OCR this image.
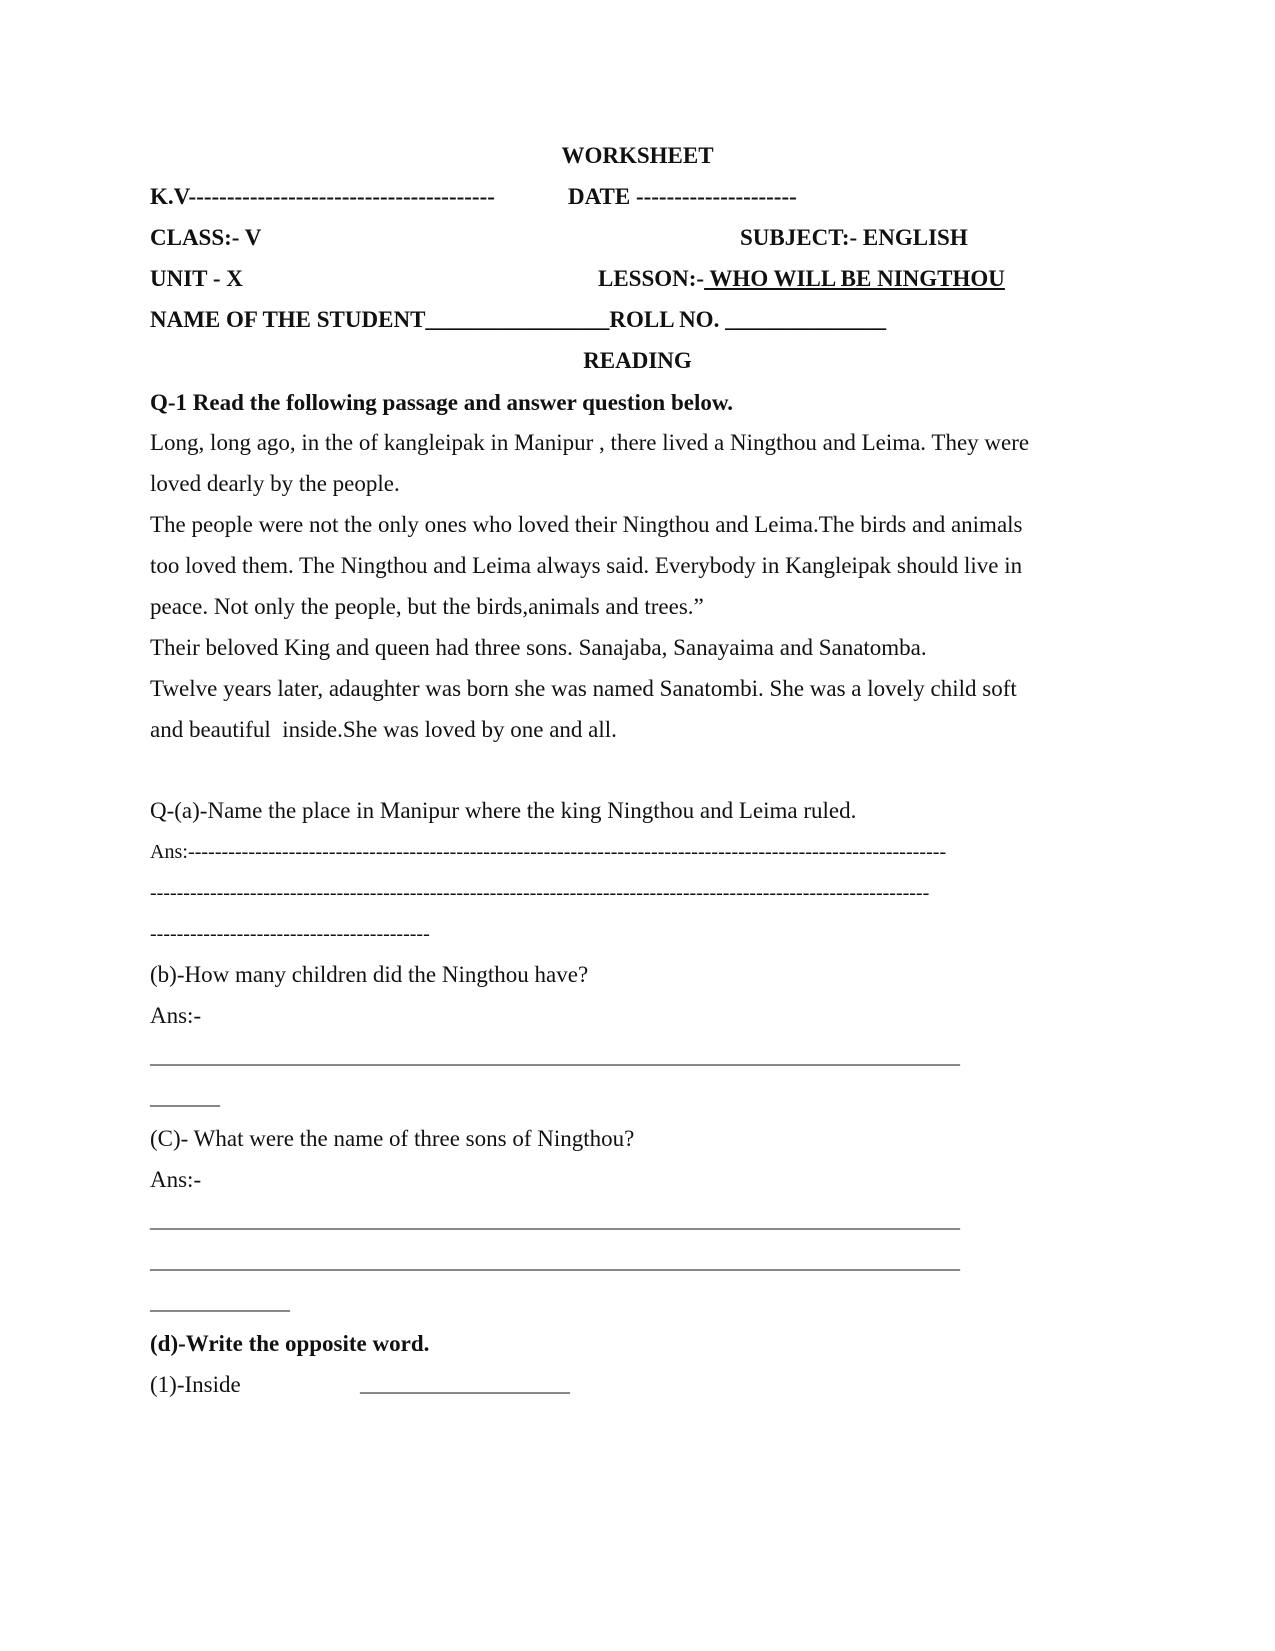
WORKSHEET
K.V----------------------------------------	DATE ---------------------
CLASS:- V	SUBJECT:- ENGLISH
UNIT - X	LESSON:- WHO WILL BE NINGTHOU
NAME OF THE STUDENT________________ROLL NO. ______________
READING
Q-1 Read the following passage and answer question below.
Long, long ago, in the of kangleipak in Manipur , there lived a Ningthou and Leima. They were
loved dearly by the people.
The people were not the only ones who loved their Ningthou and Leima.The birds and animals
too loved them. The Ningthou and Leima always said. Everybody in Kangleipak should live in
peace. Not only the people, but the birds,animals and trees.”
Their beloved King and queen had three sons. Sanajaba, Sanayaima and Sanatomba.
Twelve years later, adaughter was born she was named Sanatombi. She was a lovely child soft
and beautiful  inside.She was loved by one and all.
Q-(a)-Name the place in Manipur where the king Ningthou and Leima ruled.
Ans:-----------------------------------------------------------------------------------------------------------------
---------------------------------------------------------------------------------------------------------------------
------------------------------------------
(b)-How many children did the Ningthou have?
Ans:-
_________________________________________________________________________________
_______
(C)- What were the name of three sons of Ningthou?
Ans:-
_________________________________________________________________________________
_________________________________________________________________________________
______________
(d)-Write the opposite word.
(1)-Inside	_____________________
